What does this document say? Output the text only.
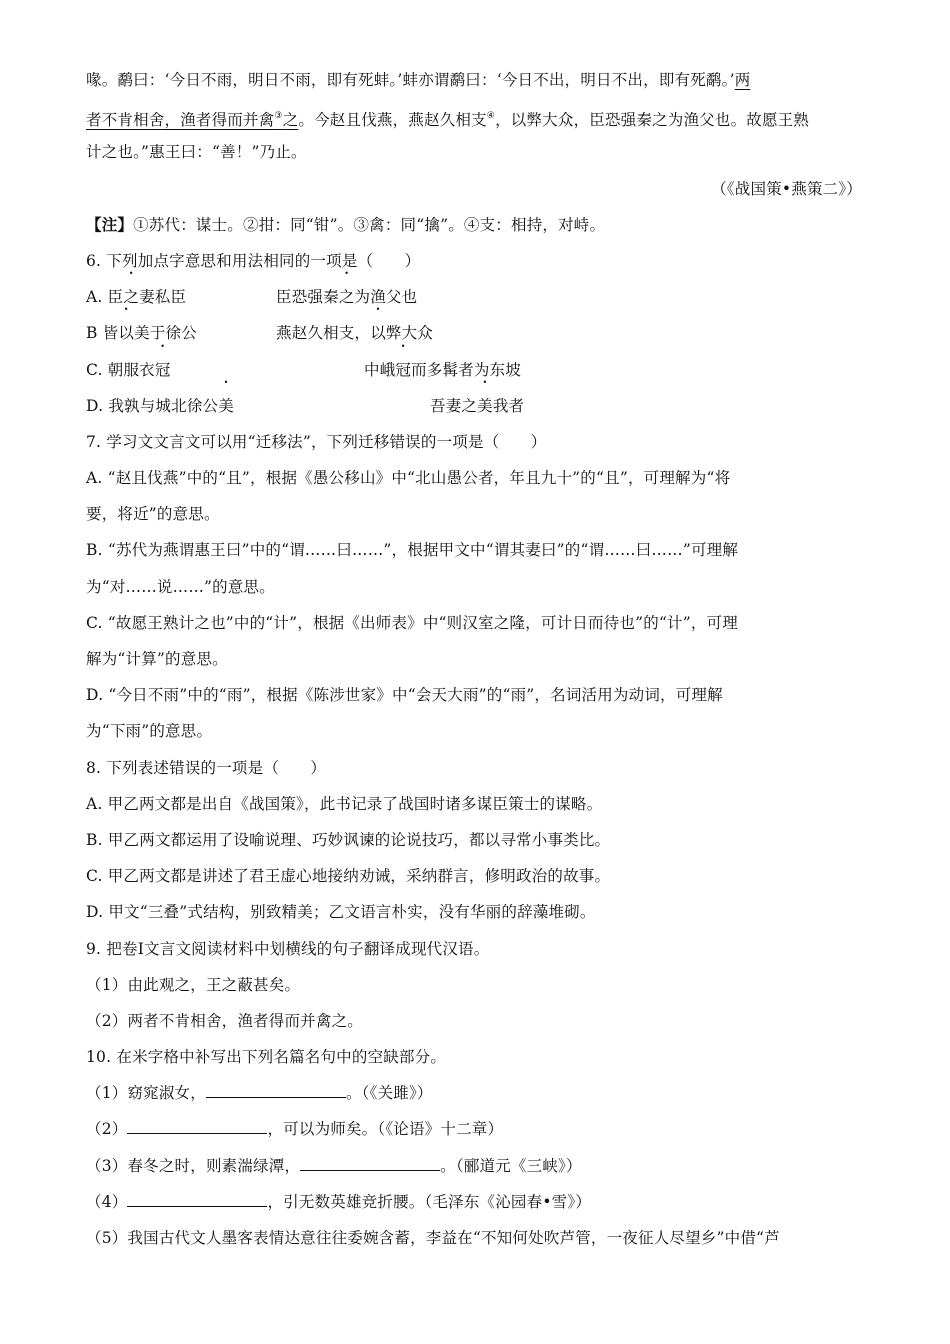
喙。鹬曰：‘今日不雨，明日不雨，即有死蚌。’蚌亦谓鹬曰：‘今日不出，明日不出，即有死鹬。’两
者不肯相舍，渔者得而并禽③之。今赵且伐燕，燕赵久相支④，以弊大众，臣恐强秦之为渔父也。故愿王熟
计之也。”惠王曰：“善！”乃止。
（《战国策•燕策二》）
【注】①苏代：谋士。②拑：同“钳”。③禽：同“擒”。④支：相持，对峙。
6. 下列加点字意思和用法相同的一项是（　　）
A. 臣之妻私臣	臣恐强秦之为渔父也
B 皆以美于徐公	燕赵久相支，以弊大众
C. 朝服衣冠	中峨冠而多髯者为东坡
D. 我孰与城北徐公美	吾妻之美我者
7. 学习文文言文可以用“迁移法”，下列迁移错误的一项是（　　）
A. “赵且伐燕”中的“且”，根据《愚公移山》中“北山愚公者，年且九十”的“且”，可理解为“将
要，将近”的意思。
B. “苏代为燕谓惠王曰”中的“谓……曰……”，根据甲文中“谓其妻曰”的“谓……曰……”可理解
为“对……说……”的意思。
C. “故愿王熟计之也”中的“计”，根据《出师表》中“则汉室之隆，可计日而待也”的“计”，可理
解为“计算”的意思。
D. “今日不雨”中的“雨”，根据《陈涉世家》中“会天大雨”的“雨”，名词活用为动词，可理解
为“下雨”的意思。
8. 下列表述错误的一项是（　　）
A. 甲乙两文都是出自《战国策》，此书记录了战国时诸多谋臣策士的谋略。
B. 甲乙两文都运用了设喻说理、巧妙讽谏的论说技巧，都以寻常小事类比。
C. 甲乙两文都是讲述了君王虚心地接纳劝诫，采纳群言，修明政治的故事。
D. 甲文“三叠”式结构，别致精美；乙文语言朴实，没有华丽的辞藻堆砌。
9. 把卷Ⅰ文言文阅读材料中划横线的句子翻译成现代汉语。
（1）由此观之，王之蔽甚矣。
（2）两者不肯相舍，渔者得而并禽之。
10. 在米字格中补写出下列名篇名句中的空缺部分。
（1）窈窕淑女，	。（《关雎》）
（2）	，可以为师矣。（《论语》十二章）
（3）春冬之时，则素湍绿潭，	。（郦道元《三峡》）
（4）	，引无数英雄竞折腰。（毛泽东《沁园春•雪》）
（5）我国古代文人墨客表情达意往往委婉含蓄，李益在“不知何处吹芦管，一夜征人尽望乡”中借“芦
